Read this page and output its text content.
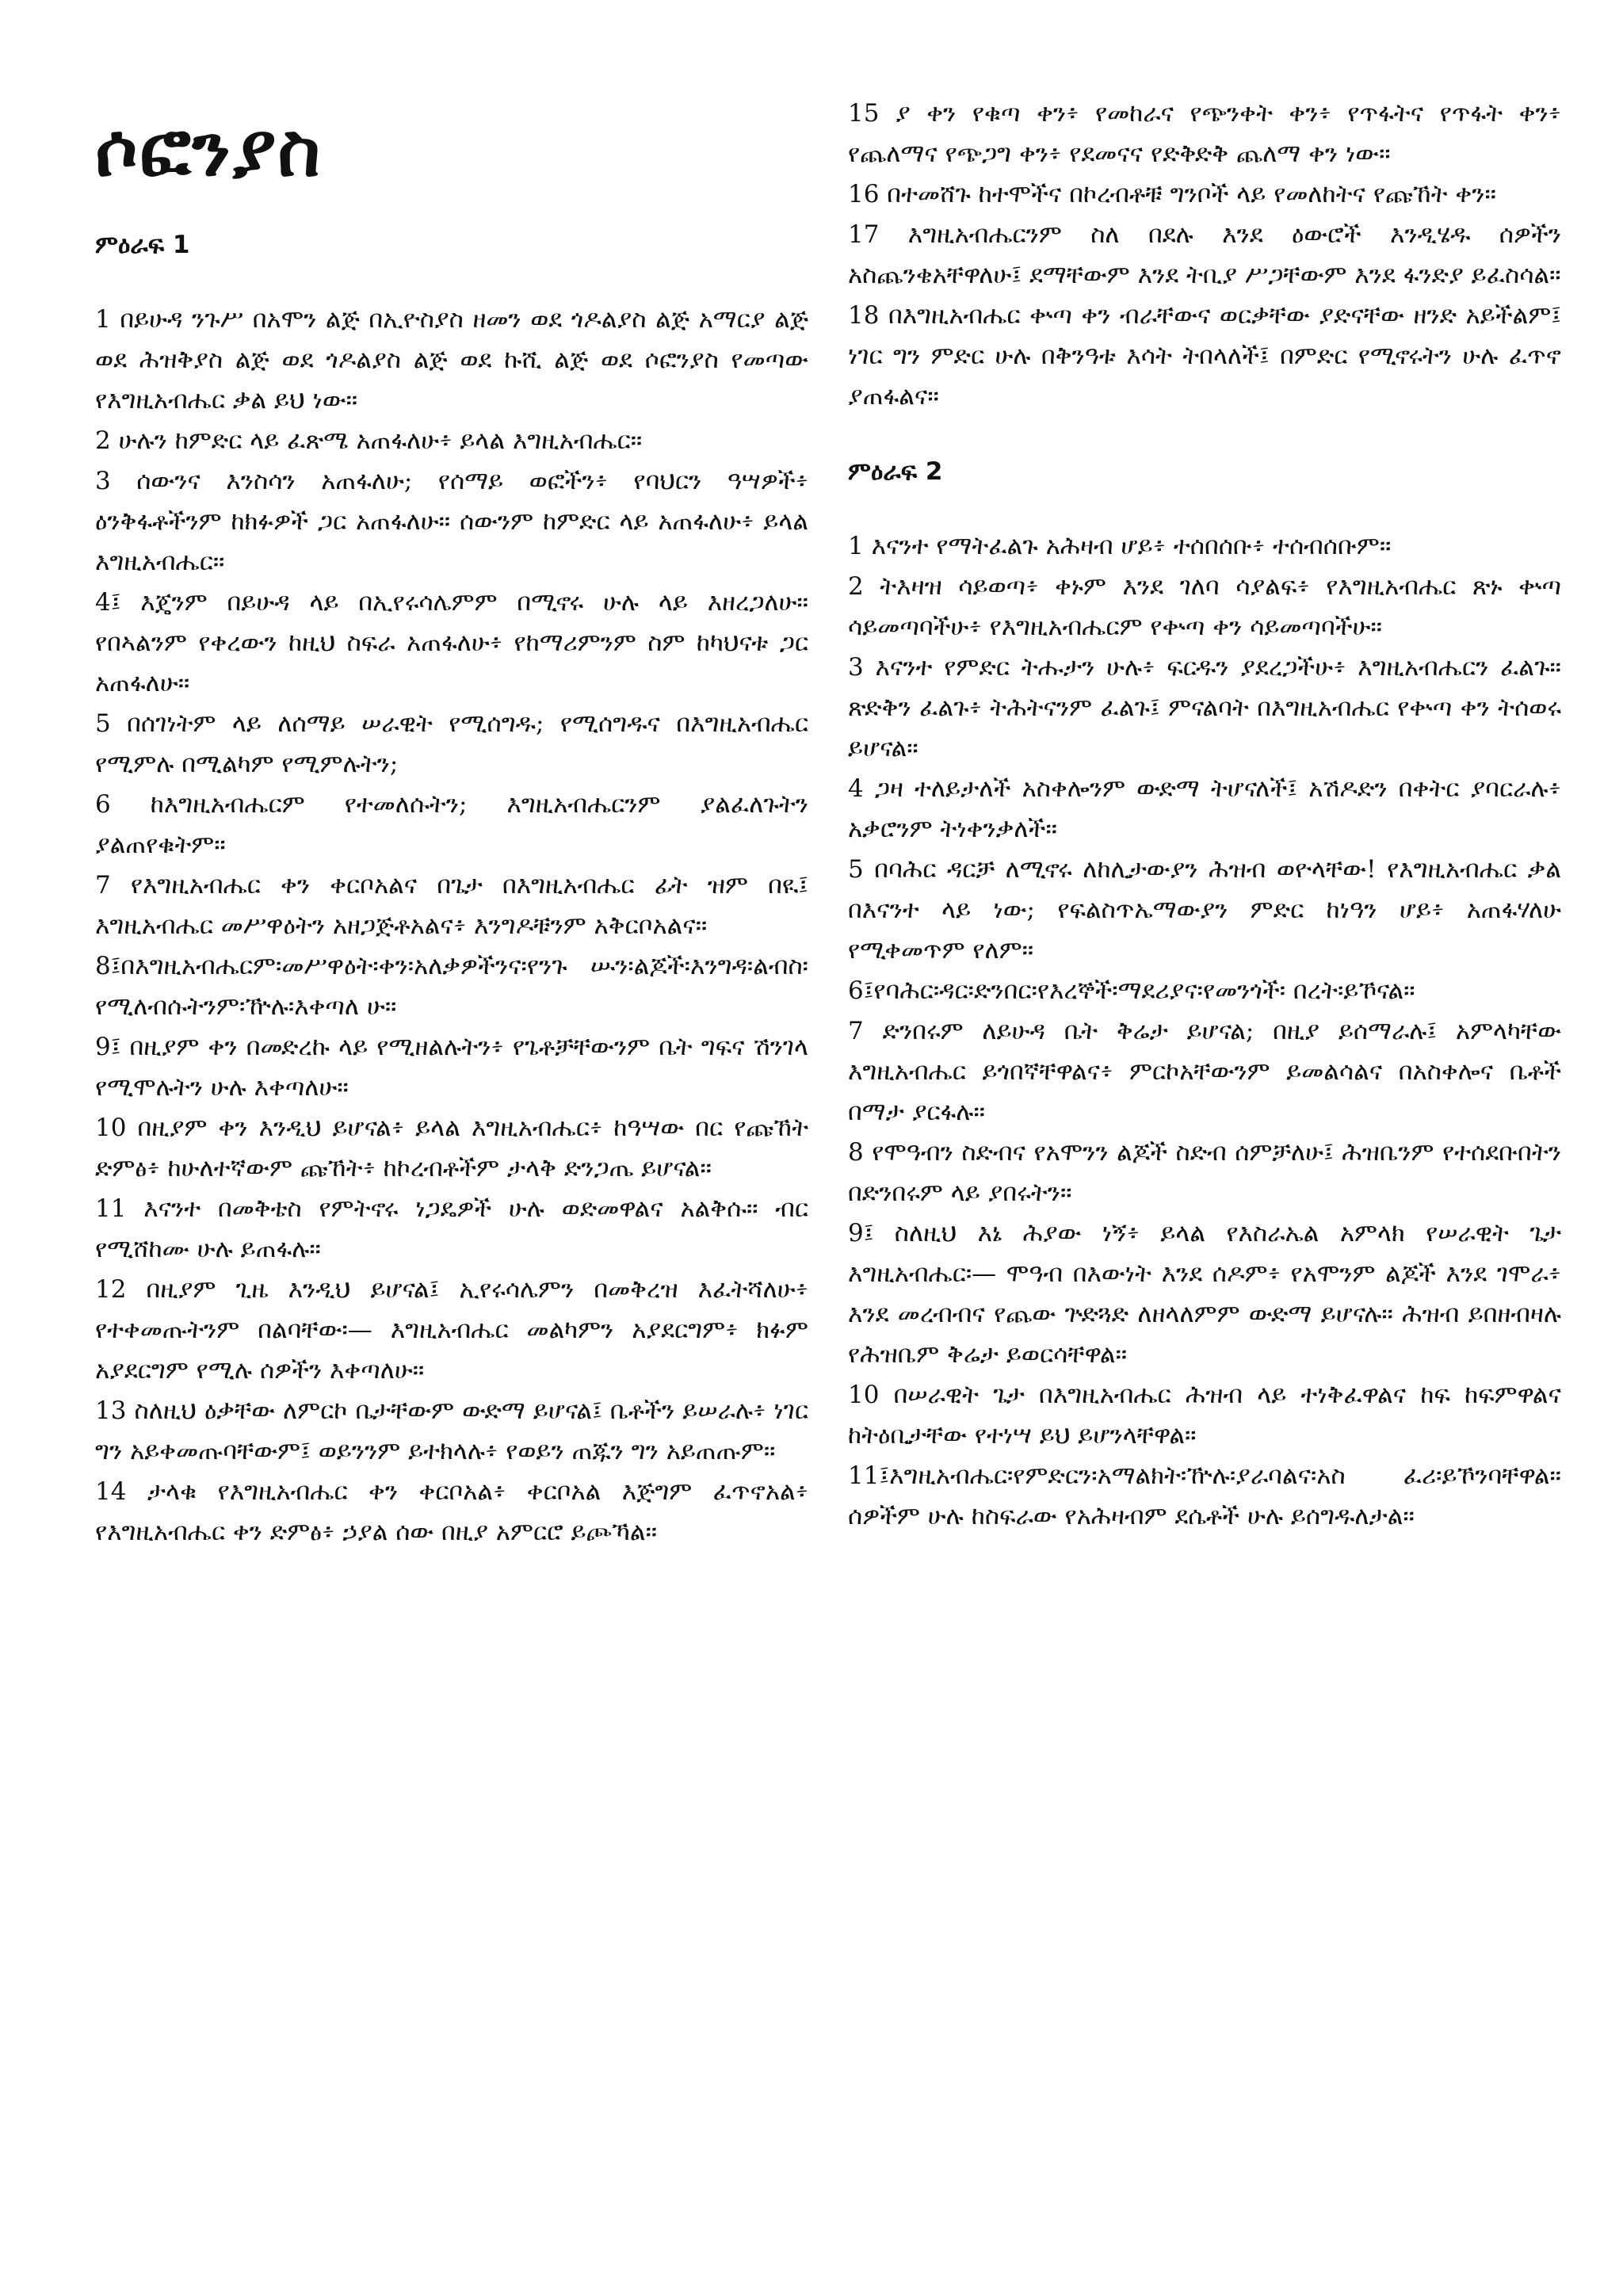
ሶፎንያስ
ምዕራፍ 1

1 በይሁዳ ንጉሥ በአሞን ልጅ በኢዮስያስ ዘመን ወደ ጎዶልያስ ልጅ አማርያ ልጅ ወደ ሕዝቅያስ ልጅ ወደ ጎዶልያስ ልጅ ወደ ኩሺ ልጅ ወደ ሶፎንያስ የመጣው የእግዚአብሔር ቃል ይህ ነው።

2 ሁሉን ከምድር ላይ ፈጽሜ አጠፋለሁ፥ ይላል እግዚአብሔር።

3 ሰውንና እንስሳን አጠፋለሁ; የሰማይ ወፎችን፥ የባህርን ዓሣዎች፥ ዕንቅፋቶችንም ከክፉዎች ጋር አጠፋለሁ። ሰውንም ከምድር ላይ አጠፋለሁ፥ ይላል እግዚአብሔር።

4፤ እጄንም በይሁዳ ላይ በኢየሩሳሌምም በሚኖሩ ሁሉ ላይ እዘረጋለሁ። የበኣልንም የቀረውን ከዚህ ስፍራ አጠፋለሁ፥ የከማሪምንም ስም ከካህናቱ ጋር አጠፋለሁ።

5 በሰገነትም ላይ ለሰማይ ሠራዊት የሚሰግዱ; የሚሰግዱና በእግዚአብሔር የሚምሉ በሚልካም የሚምሉትን;

6 ከእግዚአብሔርም የተመለሱትን; እግዚአብሔርንም ያልፈለጉትን ያልጠየቁትም።

7 የእግዚአብሔር ቀን ቀርቦአልና በጌታ በእግዚአብሔር ፊት ዝም በዪ፤ እግዚአብሔር መሥዋዕትን አዘጋጅቶአልና፥ እንግዶቹንም አቅርቦአልና።

8፤በእግዚአብሔርም፡መሥዋዕት፡ቀን፡አለቃዎችንና፡የንጉ ሡን፡ልጆች፡እንግዳ፡ልብስ፡የሚለብሱትንም፡ዅሉ፡እቀጣለ ሁ።

9፤ በዚያም ቀን በመድረኩ ላይ የሚዘልሉትን፥ የጌቶቻቸውንም ቤት ግፍና ሽንገላ የሚሞሉትን ሁሉ እቀጣለሁ።

10 በዚያም ቀን እንዲህ ይሆናል፥ ይላል እግዚአብሔር፥ ከዓሣው በር የጩኸት ድምፅ፥ ከሁለተኛውም ጩኸት፥ ከኮረብቶችም ታላቅ ድንጋጤ ይሆናል።

11 እናንተ በመቅቴስ የምትኖሩ ነጋዴዎች ሁሉ ወድመዋልና አልቅሱ። ብር የሚሸከሙ ሁሉ ይጠፋሉ።

12 በዚያም ጊዜ እንዲህ ይሆናል፤ ኢየሩሳሌምን በመቅረዝ እፈትሻለሁ፥ የተቀመጡትንም በልባቸው፡— እግዚአብሔር መልካምን አያደርግም፥ ክፉም አያደርግም የሚሉ ሰዎችን እቀጣለሁ።

13 ስለዚህ ዕቃቸው ለምርኮ ቤታቸውም ውድማ ይሆናል፤ ቤቶችን ይሠራሉ፥ ነገር ግን አይቀመጡባቸውም፤ ወይንንም ይተክላሉ፥ የወይን ጠጁን ግን አይጠጡም።

14 ታላቁ የእግዚአብሔር ቀን ቀርቦአል፥ ቀርቦአል እጅግም ፈጥኖአል፥ የእግዚአብሔር ቀን ድምፅ፥ ኃያል ሰው በዚያ አምርሮ ይጮኻል።

15 ያ ቀን የቁጣ ቀን፥ የመከራና የጭንቀት ቀን፥ የጥፋትና የጥፋት ቀን፥ የጨለማና የጭጋግ ቀን፥ የደመናና የድቅድቅ ጨለማ ቀን ነው።

16 በተመሸጉ ከተሞችና በኮረብቶቹ ግንቦች ላይ የመለከትና የጩኸት ቀን።

17 እግዚአብሔርንም ስለ በደሉ እንደ ዕውሮች እንዲሄዱ ሰዎችን አስጨንቄአቸዋለሁ፤ ደማቸውም እንደ ትቢያ ሥጋቸውም እንደ ፋንድያ ይፈስሳል።

18 በእግዚአብሔር ቍጣ ቀን ብራቸውና ወርቃቸው ያድናቸው ዘንድ አይችልም፤ ነገር ግን ምድር ሁሉ በቅንዓቱ እሳት ትበላለች፤ በምድር የሚኖሩትን ሁሉ ፈጥኖ ያጠፋልና።

ምዕራፍ 2

1 እናንተ የማትፈልጉ አሕዛብ ሆይ፥ ተሰበሰቡ፥ ተሰብሰቡም።

2 ትእዛዝ ሳይወጣ፥ ቀኑም እንደ ገለባ ሳያልፍ፥ የእግዚአብሔር ጽኑ ቍጣ ሳይመጣባችሁ፥ የእግዚአብሔርም የቍጣ ቀን ሳይመጣባችሁ።

3 እናንተ የምድር ትሑታን ሁሉ፥ ፍርዱን ያደረጋችሁ፥ እግዚአብሔርን ፈልጉ። ጽድቅን ፈልጉ፥ ትሕትናንም ፈልጉ፤ ምናልባት በእግዚአብሔር የቍጣ ቀን ትሰወሩ ይሆናል።

4 ጋዛ ተለይታለች አስቀሎንም ውድማ ትሆናለች፤ አሽዶድን በቀትር ያባርራሉ፥ አቃሮንም ትነቀንቃለች።

5 በባሕር ዳርቻ ለሚኖሩ ለከሊታውያን ሕዝብ ወዮላቸው! የእግዚአብሔር ቃል በእናንተ ላይ ነው; የፍልስጥኤማውያን ምድር ከነዓን ሆይ፥ አጠፋሃለሁ የሚቀመጥም የለም።

6፤የባሕር፡ዳር፡ድንበር፡የእረኞች፡ማደሪያና፡የመንጎች፡ በረት፡ይኾናል።

7 ድንበሩም ለይሁዳ ቤት ቅሬታ ይሆናል; በዚያ ይሰማራሉ፤ አምላካቸው እግዚአብሔር ይጎበኛቸዋልና፥ ምርኮአቸውንም ይመልሳልና በአስቀሎና ቤቶች በማታ ያርፋሉ።

8 የሞዓብን ስድብና የአሞንን ልጆች ስድብ ሰምቻለሁ፤ ሕዝቤንም የተሰደቡበትን በድንበሩም ላይ ያበሩትን።

9፤ ስለዚህ እኔ ሕያው ነኝ፥ ይላል የእስራኤል አምላክ የሠራዊት ጌታ እግዚአብሔር፡— ሞዓብ በእውነት እንደ ሰዶም፥ የአሞንም ልጆች እንደ ገሞራ፥ እንደ መረብብና የጨው ጕድጓድ ለዘላለምም ውድማ ይሆናሉ። ሕዝብ ይበዘብዛሉ የሕዝቤም ቅሬታ ይወርሳቸዋል።

10 በሠራዊት ጌታ በእግዚአብሔር ሕዝብ ላይ ተነቅፈዋልና ከፍ ከፍምዋልና ከትዕቢታቸው የተነሣ ይህ ይሆንላቸዋል።

11፤እግዚአብሔር፡የምድርን፡አማልክት፡ዅሉ፡ያራባልና፡አስ ፈሪ፡ይኾንባቸዋል። ሰዎችም ሁሉ ከስፍራው የአሕዛብም ደሴቶች ሁሉ ይሰግዱለታል።
